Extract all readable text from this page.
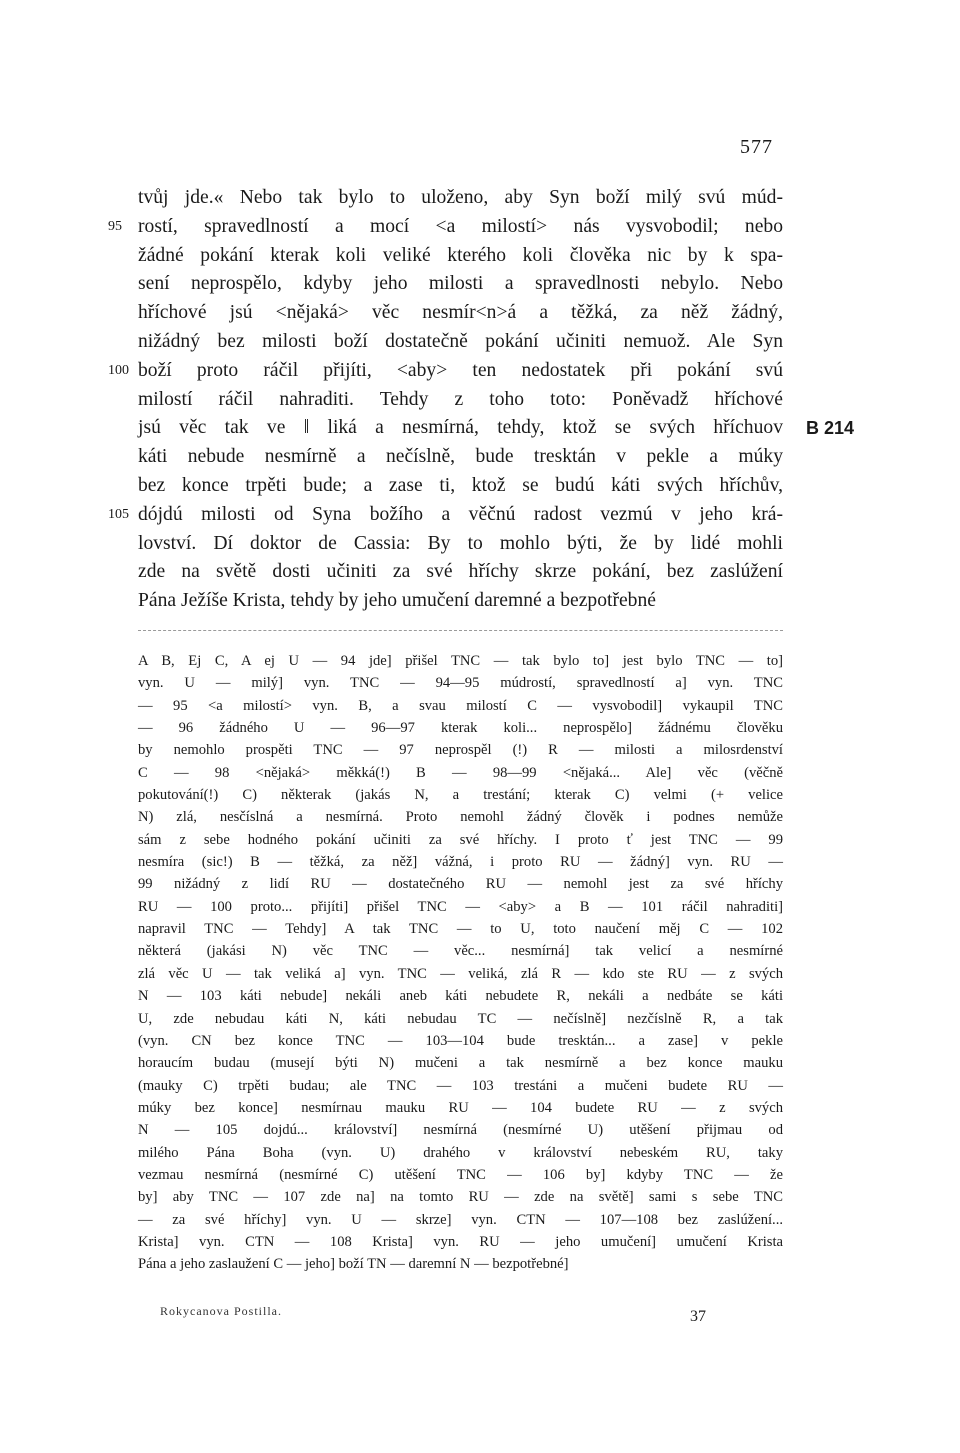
577
tvůj jde.« Nebo tak bylo to uloženo, aby Syn boží milý svú múd-
95 rostí, spravedlností a mocí <a milostí> nás vysvobodil; nebo
žádné pokání kterak koli veliké kterého koli člověka nic by k spa-
sení neprospělo, kdyby jeho milosti a spravedlnosti nebylo. Nebo
hříchové jsú <nějaká> věc nesmír<n>á a těžká, za něž žádný,
nižádný bez milosti boží dostatečně pokání učiniti nemuož. Ale Syn
100 boží proto ráčil přijíti, <aby> ten nedostatek při pokání svú
milostí ráčil nahraditi. Tehdy z toho toto: Poněvadž hříchové
jsú věc tak ve ‖ liká a nesmírná, tehdy, ktož se svých hříchuov B 214
káti nebude nesmírně a nečíslně, bude tresktán v pekle a múky
bez konce trpěti bude; a zase ti, ktož se budú káti svých hříchův,
105 dójdú milosti od Syna božího a věčnú radost vezmú v jeho krá-
lovství. Dí doktor de Cassia: By to mohlo býti, že by lidé mohli
zde na světě dosti učiniti za své hříchy skrze pokání, bez zaslúžení
Pána Ježíše Krista, tehdy by jeho umučení daremné a bezpotřebné
A B, Ej C, A ej U — 94 jde] přišel TNC — tak bylo to] jest bylo TNC — to]
vyn. U — milý] vyn. TNC — 94—95 múdrostí, spravedlností a] vyn. TNC
— 95 <a milostí> vyn. B, a svau milostí C — vysvobodil] vykaupil TNC
— 96 žádného U — 96—97 kterak koli... neprospělo] žádnému člověku
by nemohlo prospěti TNC — 97 neprospěl (!) R — milosti a milosrdenství
C — 98 <nějaká> měkká(!) B — 98—99 <nějaká... Ale] věc (věčně
pokutování(!) C) některak (jakás N, a trestání; kterak C) velmi (+ velice
N) zlá, nesčíslná a nesmírná. Proto nemohl žádný člověk i podnes nemůže
sám z sebe hodného pokání učiniti za své hříchy. I proto ť jest TNC — 99
nesmíra (sic!) B — těžká, za něž] vážná, i proto RU — žádný] vyn. RU —
99 nižádný z lidí RU — dostatečného RU — nemohl jest za své hříchy
RU — 100 proto... přijíti] přišel TNC — <aby> a B — 101 ráčil nahraditi]
napravil TNC — Tehdy] A tak TNC — to U, toto naučení měj C — 102
některá (jakási N) věc TNC — věc... nesmírná] tak velicí a nesmírné
zlá věc U — tak veliká a] vyn. TNC — veliká, zlá R — kdo ste RU — z svých
N — 103 káti nebude] nekáli aneb káti nebudete R, nekáli a nedbáte se káti
U, zde nebudau káti N, káti nebudau TC — nečíslně] nezčíslně R, a tak
(vyn. CN bez konce TNC — 103—104 bude tresktán... a zase] v pekle
horaucím budau (musejí býti N) mučeni a tak nesmírně a bez konce mauku
(mauky C) trpěti budau; ale TNC — 103 trestáni a mučeni budete RU —
múky bez konce] nesmírnau mauku RU — 104 budete RU — z svých
N — 105 dojdú... království] nesmírná (nesmírné U) utěšení přijmau od
milého Pána Boha (vyn. U) drahého v království nebeském RU, taky
vezmau nesmírná (nesmírné C) utěšení TNC — 106 by] kdyby TNC — že
by] aby TNC — 107 zde na] na tomto RU — zde na světě] sami s sebe TNC
— za své hříchy] vyn. U — skrze] vyn. CTN — 107—108 bez zaslúžení...
Krista] vyn. CTN — 108 Krista] vyn. RU — jeho umučení] umučení Krista
Pána a jeho zaslaužení C — jeho] boží TN — daremní N — bezpotřebné]
Rokycanova Postilla.	37
